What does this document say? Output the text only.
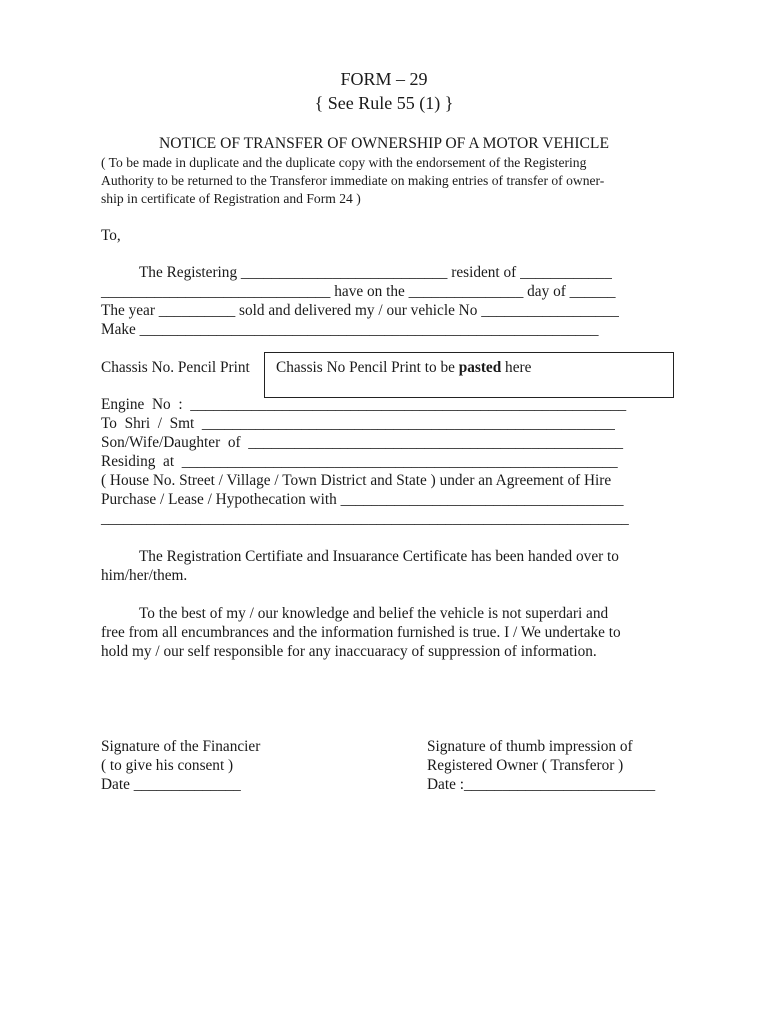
FORM – 29
{ See Rule 55 (1) }
NOTICE OF TRANSFER OF OWNERSHIP OF A MOTOR VEHICLE
( To be made in duplicate and the duplicate copy with the endorsement of the Registering
Authority to be returned to the Transferor immediate on making entries of transfer of owner-
ship in certificate of Registration and Form 24 )
To,
The Registering ___________________________ resident of ____________
______________________________ have on the _______________ day of ______
The year __________ sold and delivered my / our vehicle No __________________
Make ____________________________________________________________
Chassis No. Pencil Print Chassis No Pencil Print to be pasted here
Engine  No  :  _________________________________________________________
To  Shri  /  Smt  ______________________________________________________
Son/Wife/Daughter  of  _________________________________________________
Residing  at  _________________________________________________________
( House No. Street / Village / Town District and State ) under an Agreement of Hire
Purchase / Lease / Hypothecation with _____________________________________
_____________________________________________________________________
The Registration Certifiate and Insuarance Certificate has been handed over to
him/her/them.
To the best of my / our knowledge and belief the vehicle is not superdari and
free from all encumbrances and the information furnished is true. I / We undertake to
hold my / our self responsible for any inaccuaracy of suppression of information.
Signature of the Financier
( to give his consent )
Date ______________
Signature of thumb impression of
Registered Owner ( Transferor )
Date :_________________________
